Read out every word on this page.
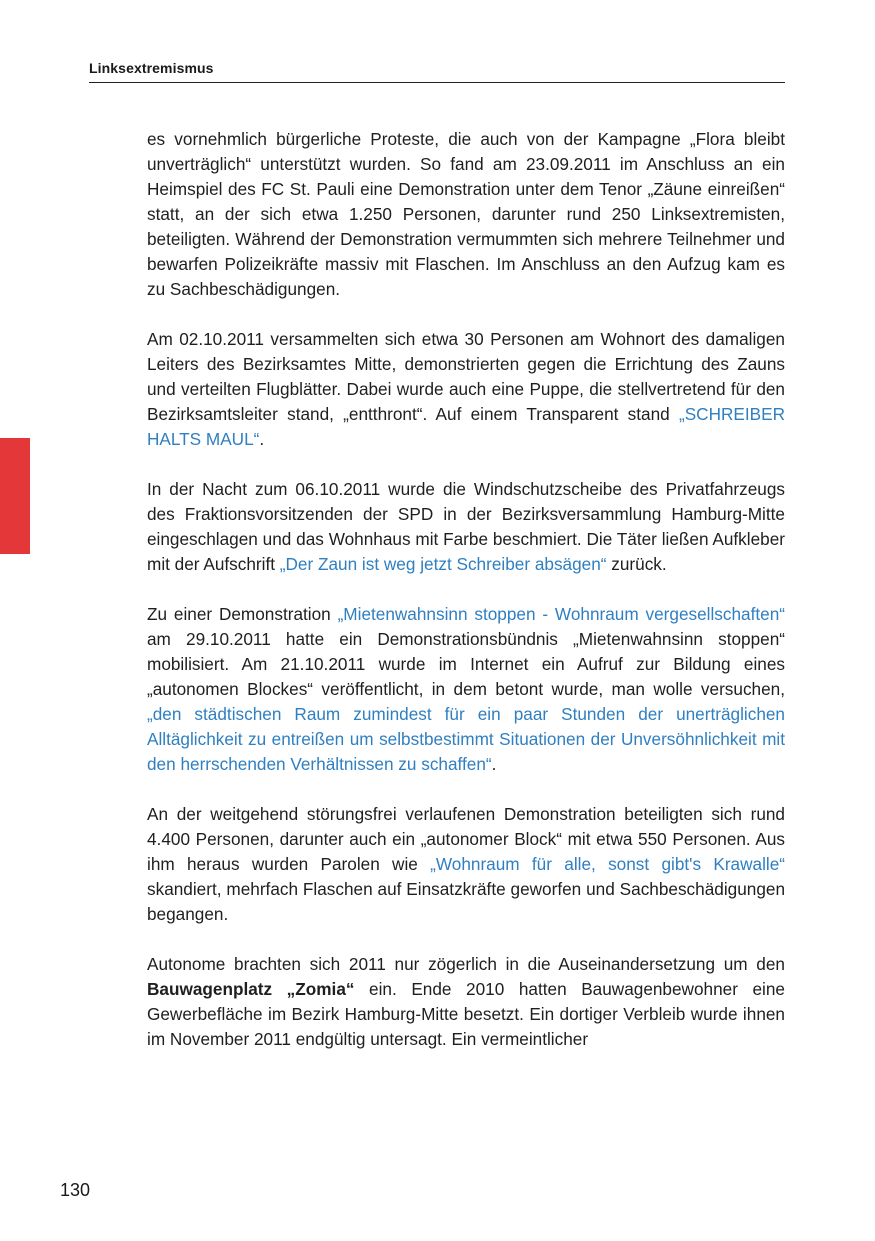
Linksextremismus

es vornehmlich bürgerliche Proteste, die auch von der Kampagne „Flora bleibt unverträglich“ unterstützt wurden. So fand am 23.09.2011 im Anschluss an ein Heimspiel des FC St. Pauli eine Demonstration unter dem Tenor „Zäune einreißen“ statt, an der sich etwa 1.250 Personen, darunter rund 250 Linksextremisten, beteiligten. Während der Demonstration vermummten sich mehrere Teilnehmer und bewarfen Polizeikräfte massiv mit Flaschen. Im Anschluss an den Aufzug kam es zu Sachbeschädigungen.

Am 02.10.2011 versammelten sich etwa 30 Personen am Wohnort des damaligen Leiters des Bezirksamtes Mitte, demonstrierten gegen die Errichtung des Zauns und verteilten Flugblätter. Dabei wurde auch eine Puppe, die stellvertretend für den Bezirksamtsleiter stand, „entthront“. Auf einem Transparent stand „SCHREIBER HALTS MAUL“.

In der Nacht zum 06.10.2011 wurde die Windschutzscheibe des Privatfahrzeugs des Fraktionsvorsitzenden der SPD in der Bezirksversammlung Hamburg-Mitte eingeschlagen und das Wohnhaus mit Farbe beschmiert. Die Täter ließen Aufkleber mit der Aufschrift „Der Zaun ist weg jetzt Schreiber absägen“ zurück.

Zu einer Demonstration „Mietenwahnsinn stoppen - Wohnraum vergesellschaften“ am 29.10.2011 hatte ein Demonstrationsbündnis „Mietenwahnsinn stoppen“ mobilisiert. Am 21.10.2011 wurde im Internet ein Aufruf zur Bildung eines „autonomen Blockes“ veröffentlicht, in dem betont wurde, man wolle versuchen, „den städtischen Raum zumindest für ein paar Stunden der unerträglichen Alltäglichkeit zu entreißen um selbstbestimmt Situationen der Unversöhnlichkeit mit den herrschenden Verhältnissen zu schaffen“.

An der weitgehend störungsfrei verlaufenen Demonstration beteiligten sich rund 4.400 Personen, darunter auch ein „autonomer Block“ mit etwa 550 Personen. Aus ihm heraus wurden Parolen wie „Wohnraum für alle, sonst gibt's Krawalle“ skandiert, mehrfach Flaschen auf Einsatzkräfte geworfen und Sachbeschädigungen begangen.

Autonome brachten sich 2011 nur zögerlich in die Auseinandersetzung um den Bauwagenplatz „Zomia“ ein. Ende 2010 hatten Bauwagenbewohner eine Gewerbefläche im Bezirk Hamburg-Mitte besetzt. Ein dortiger Verbleib wurde ihnen im November 2011 endgültig untersagt. Ein vermeintlicher

130
